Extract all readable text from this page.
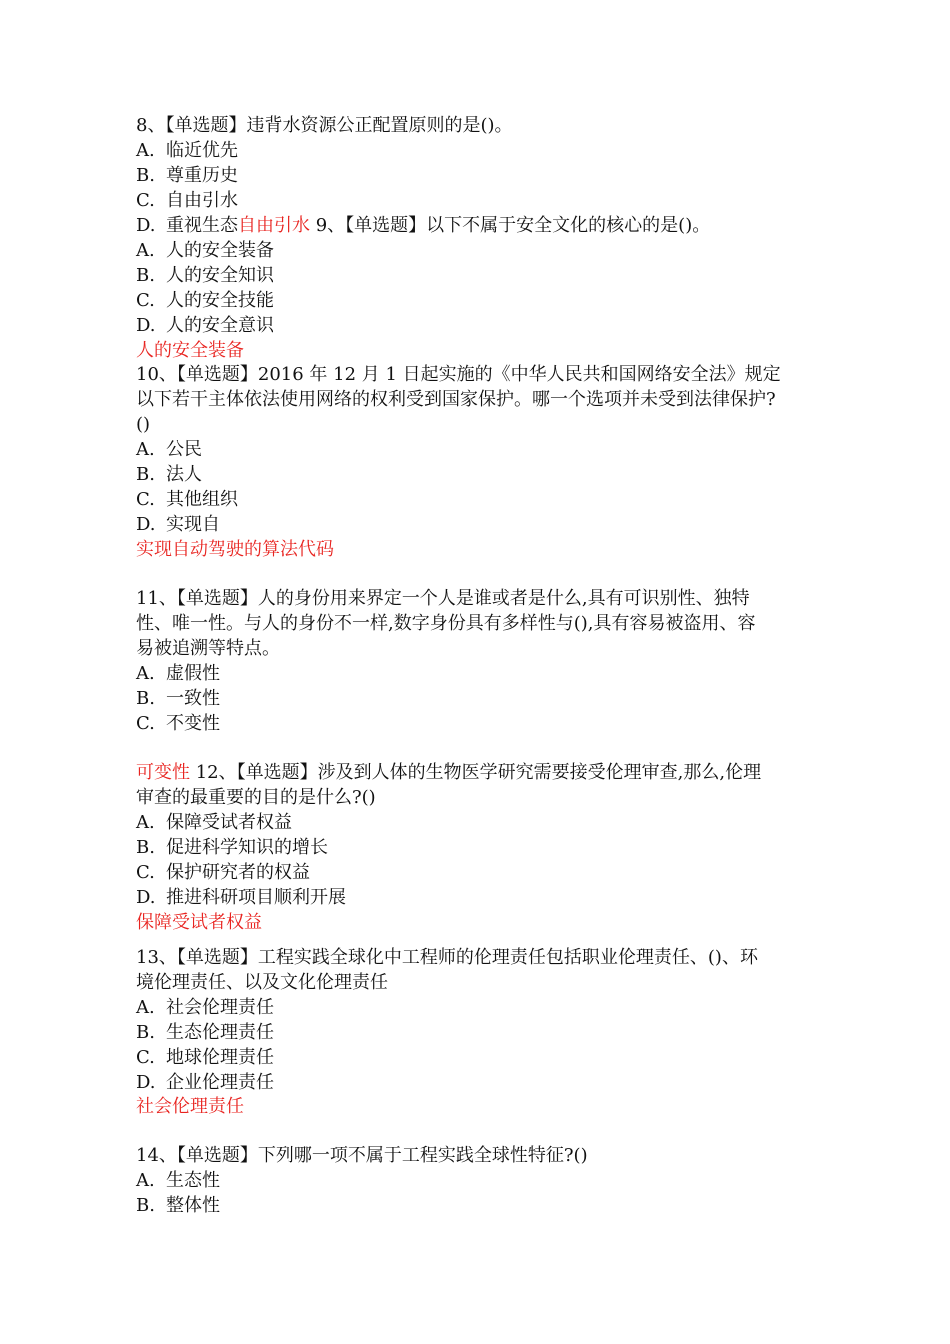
8、【单选题】违背水资源公正配置原则的是()。
A. 临近优先
B. 尊重历史
C. 自由引水
D. 重视生态自由引水 9、【单选题】以下不属于安全文化的核心的是()。
A. 人的安全装备
B. 人的安全知识
C. 人的安全技能
D. 人的安全意识
人的安全装备
10、【单选题】2016 年 12 月 1 日起实施的《中华人民共和国网络安全法》规定
以下若干主体依法使用网络的权利受到国家保护。哪一个选项并未受到法律保护?
()
A. 公民
B. 法人
C. 其他组织
D. 实现自
实现自动驾驶的算法代码
11、【单选题】人的身份用来界定一个人是谁或者是什么,具有可识别性、独特
性、唯一性。与人的身份不一样,数字身份具有多样性与(),具有容易被盗用、容
易被追溯等特点。
A. 虚假性
B. 一致性
C. 不变性
可变性 12、【单选题】涉及到人体的生物医学研究需要接受伦理审查,那么,伦理
审查的最重要的目的是什么?()
A. 保障受试者权益
B. 促进科学知识的增长
C. 保护研究者的权益
D. 推进科研项目顺利开展
保障受试者权益
13、【单选题】工程实践全球化中工程师的伦理责任包括职业伦理责任、()、环
境伦理责任、以及文化伦理责任
A. 社会伦理责任
B. 生态伦理责任
C. 地球伦理责任
D. 企业伦理责任
社会伦理责任
14、【单选题】下列哪一项不属于工程实践全球性特征?()
A. 生态性
B. 整体性
